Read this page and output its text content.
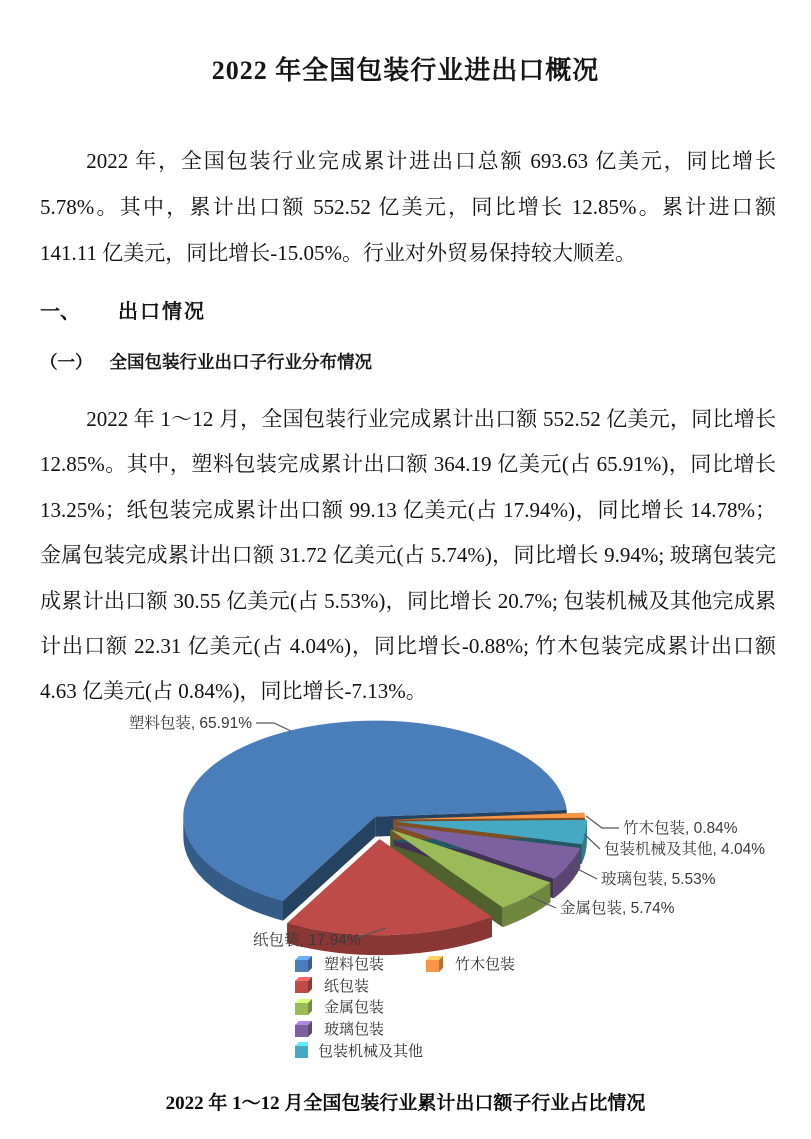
2022 年全国包装行业进出口概况

2022 年，全国包装行业完成累计进出口总额 693.63 亿美元，同比增长 5.78%。其中，累计出口额 552.52 亿美元，同比增长 12.85%。累计进口额 141.11 亿美元，同比增长-15.05%。行业对外贸易保持较大顺差。

一、 出口情况
（一） 全国包装行业出口子行业分布情况

2022 年 1～12 月，全国包装行业完成累计出口额 552.52 亿美元，同比增长 12.85%。其中，塑料包装完成累计出口额 364.19 亿美元(占 65.91%)，同比增长 13.25%；纸包装完成累计出口额 99.13 亿美元(占 17.94%)，同比增长 14.78%；金属包装完成累计出口额 31.72 亿美元(占 5.74%)，同比增长 9.94%; 玻璃包装完成累计出口额 30.55 亿美元(占 5.53%)，同比增长 20.7%; 包装机械及其他完成累计出口额 22.31 亿美元(占 4.04%)，同比增长-0.88%; 竹木包装完成累计出口额 4.63 亿美元(占 0.84%)，同比增长-7.13%。

塑料包装, 65.91%
纸包装, 17.94%
金属包装, 5.74%
玻璃包装, 5.53%
包装机械及其他, 4.04%
竹木包装, 0.84%
塑料包装
纸包装
金属包装
玻璃包装
包装机械及其他
竹木包装
2022 年 1～12 月全国包装行业累计出口额子行业占比情况
